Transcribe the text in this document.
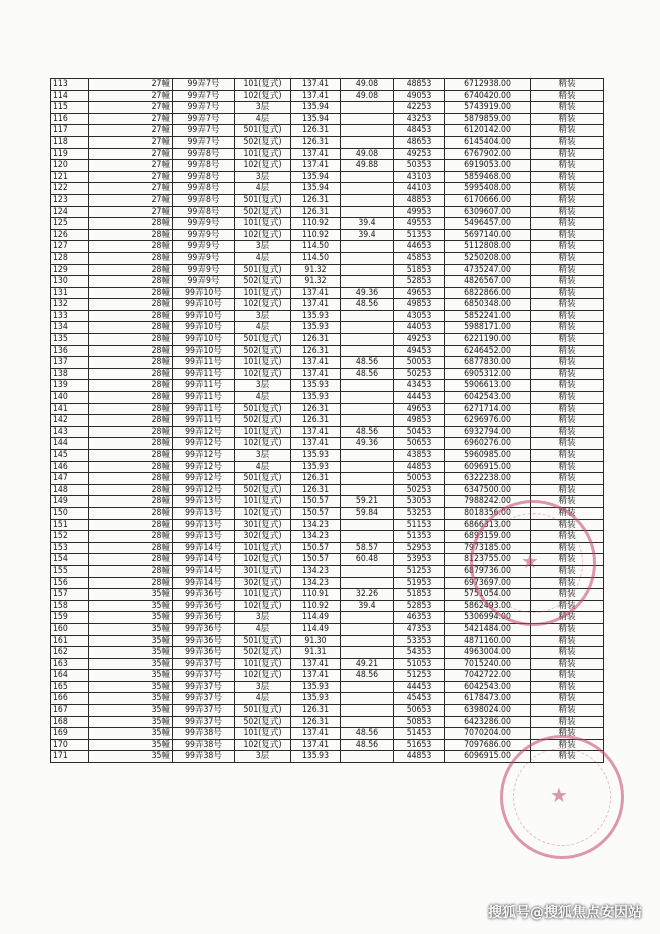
113	27幢	99弄7号	101(复式)	137.41	49.08	48853	6712938.00	精装
114	27幢	99弄7号	102(复式)	137.41	49.08	49053	6740420.00	精装
115	27幢	99弄7号	3层	135.94		42253	5743919.00	精装
116	27幢	99弄7号	4层	135.94		43253	5879859.00	精装
117	27幢	99弄7号	501(复式)	126.31		48453	6120142.00	精装
118	27幢	99弄7号	502(复式)	126.31		48653	6145404.00	精装
119	27幢	99弄8号	101(复式)	137.41	49.08	49253	6767902.00	精装
120	27幢	99弄8号	102(复式)	137.41	49.88	50353	6919053.00	精装
121	27幢	99弄8号	3层	135.94		43103	5859468.00	精装
122	27幢	99弄8号	4层	135.94		44103	5995408.00	精装
123	27幢	99弄8号	501(复式)	126.31		48853	6170666.00	精装
124	27幢	99弄8号	502(复式)	126.31		49953	6309607.00	精装
125	28幢	99弄9号	101(复式)	110.92	39.4	49553	5496457.00	精装
126	28幢	99弄9号	102(复式)	110.92	39.4	51353	5697140.00	精装
127	28幢	99弄9号	3层	114.50		44653	5112808.00	精装
128	28幢	99弄9号	4层	114.50		45853	5250208.00	精装
129	28幢	99弄9号	501(复式)	91.32		51853	4735247.00	精装
130	28幢	99弄9号	502(复式)	91.32		52853	4826567.00	精装
131	28幢	99弄10号	101(复式)	137.41	49.36	49653	6822866.00	精装
132	28幢	99弄10号	102(复式)	137.41	48.56	49853	6850348.00	精装
133	28幢	99弄10号	3层	135.93		43053	5852241.00	精装
134	28幢	99弄10号	4层	135.93		44053	5988171.00	精装
135	28幢	99弄10号	501(复式)	126.31		49253	6221190.00	精装
136	28幢	99弄10号	502(复式)	126.31		49453	6246452.00	精装
137	28幢	99弄11号	101(复式)	137.41	48.56	50053	6877830.00	精装
138	28幢	99弄11号	102(复式)	137.41	48.56	50253	6905312.00	精装
139	28幢	99弄11号	3层	135.93		43453	5906613.00	精装
140	28幢	99弄11号	4层	135.93		44453	6042543.00	精装
141	28幢	99弄11号	501(复式)	126.31		49653	6271714.00	精装
142	28幢	99弄11号	502(复式)	126.31		49853	6296976.00	精装
143	28幢	99弄12号	101(复式)	137.41	48.56	50453	6932794.00	精装
144	28幢	99弄12号	102(复式)	137.41	49.36	50653	6960276.00	精装
145	28幢	99弄12号	3层	135.93		43853	5960985.00	精装
146	28幢	99弄12号	4层	135.93		44853	6096915.00	精装
147	28幢	99弄12号	501(复式)	126.31		50053	6322238.00	精装
148	28幢	99弄12号	502(复式)	126.31		50253	6347500.00	精装
149	28幢	99弄13号	101(复式)	150.57	59.21	53053	7988242.00	精装
150	28幢	99弄13号	102(复式)	150.57	59.84	53253	8018356.00	精装
151	28幢	99弄13号	301(复式)	134.23		51153	6866313.00	精装
152	28幢	99弄13号	302(复式)	134.23		51353	6893159.00	精装
153	28幢	99弄14号	101(复式)	150.57	58.57	52953	7973185.00	精装
154	28幢	99弄14号	102(复式)	150.57	60.48	53953	8123755.00	精装
155	28幢	99弄14号	301(复式)	134.23		51253	6879736.00	精装
156	28幢	99弄14号	302(复式)	134.23		51953	6973697.00	精装
157	35幢	99弄36号	101(复式)	110.91	32.26	51853	5751054.00	精装
158	35幢	99弄36号	102(复式)	110.92	39.4	52853	5862493.00	精装
159	35幢	99弄36号	3层	114.49		46353	5306994.00	精装
160	35幢	99弄36号	4层	114.49		47353	5421484.00	精装
161	35幢	99弄36号	501(复式)	91.30		53353	4871160.00	精装
162	35幢	99弄36号	502(复式)	91.31		54353	4963004.00	精装
163	35幢	99弄37号	101(复式)	137.41	49.21	51053	7015240.00	精装
164	35幢	99弄37号	102(复式)	137.41	48.56	51253	7042722.00	精装
165	35幢	99弄37号	3层	135.93		44453	6042543.00	精装
166	35幢	99弄37号	4层	135.93		45453	6178473.00	精装
167	35幢	99弄37号	501(复式)	126.31		50653	6398024.00	精装
168	35幢	99弄37号	502(复式)	126.31		50853	6423286.00	精装
169	35幢	99弄38号	101(复式)	137.41	48.56	51453	7070204.00	精装
170	35幢	99弄38号	102(复式)	137.41	48.56	51653	7097686.00	精装
171	35幢	99弄38号	3层	135.93		44853	6096915.00	精装
★
★
搜狐号@搜狐焦点安因站
